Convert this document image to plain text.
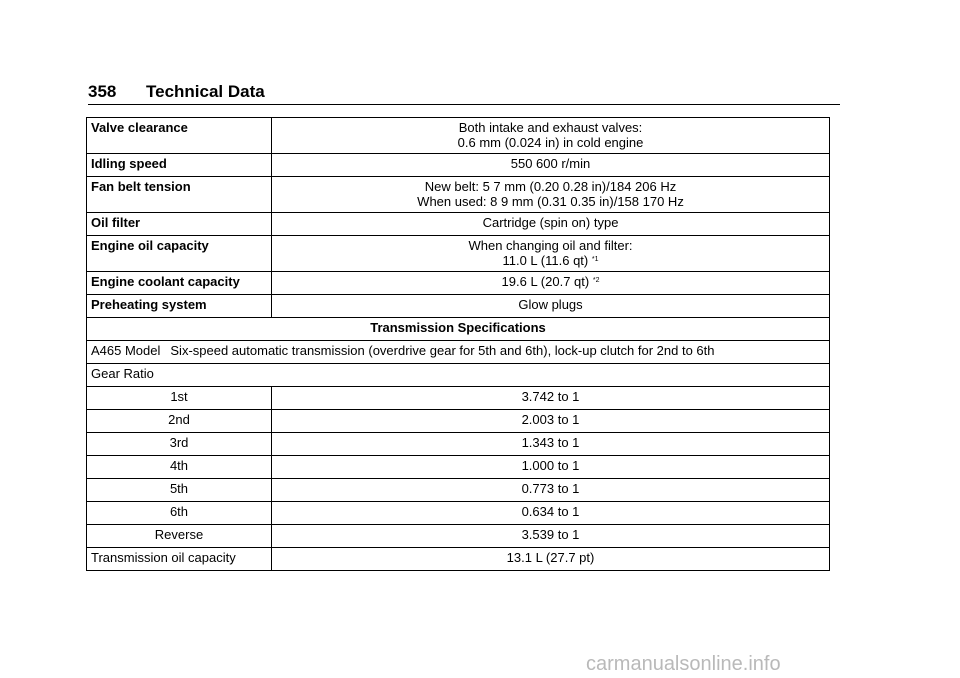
358 Technical Data
Valve clearance	Both intake and exhaust valves:
0.6 mm (0.024 in) in cold engine

Idling speed	550 600 r/min

Fan belt tension	New belt: 5 7 mm (0.20 0.28 in)/184 206 Hz
When used: 8 9 mm (0.31 0.35 in)/158 170 Hz

Oil filter	Cartridge (spin on) type

Engine oil capacity	When changing oil and filter:
11.0 L (11.6 qt) $^{*1}$

Engine coolant capacity	19.6 L (20.7 qt) $^{*2}$

Preheating system	Glow plugs

Transmission Specifications	
A465 Model Six-speed automatic transmission (overdrive gear for 5th and 6th), lock-up clutch for 2nd to 6th	
Gear Ratio	
1st	3.742 to 1
2nd	2.003 to 1
3rd	1.343 to 1
4th	1.000 to 1
5th	0.773 to 1
6th	0.634 to 1
Reverse	3.539 to 1
Transmission oil capacity	13.1 L (27.7 pt)
carmanualsonline.info
